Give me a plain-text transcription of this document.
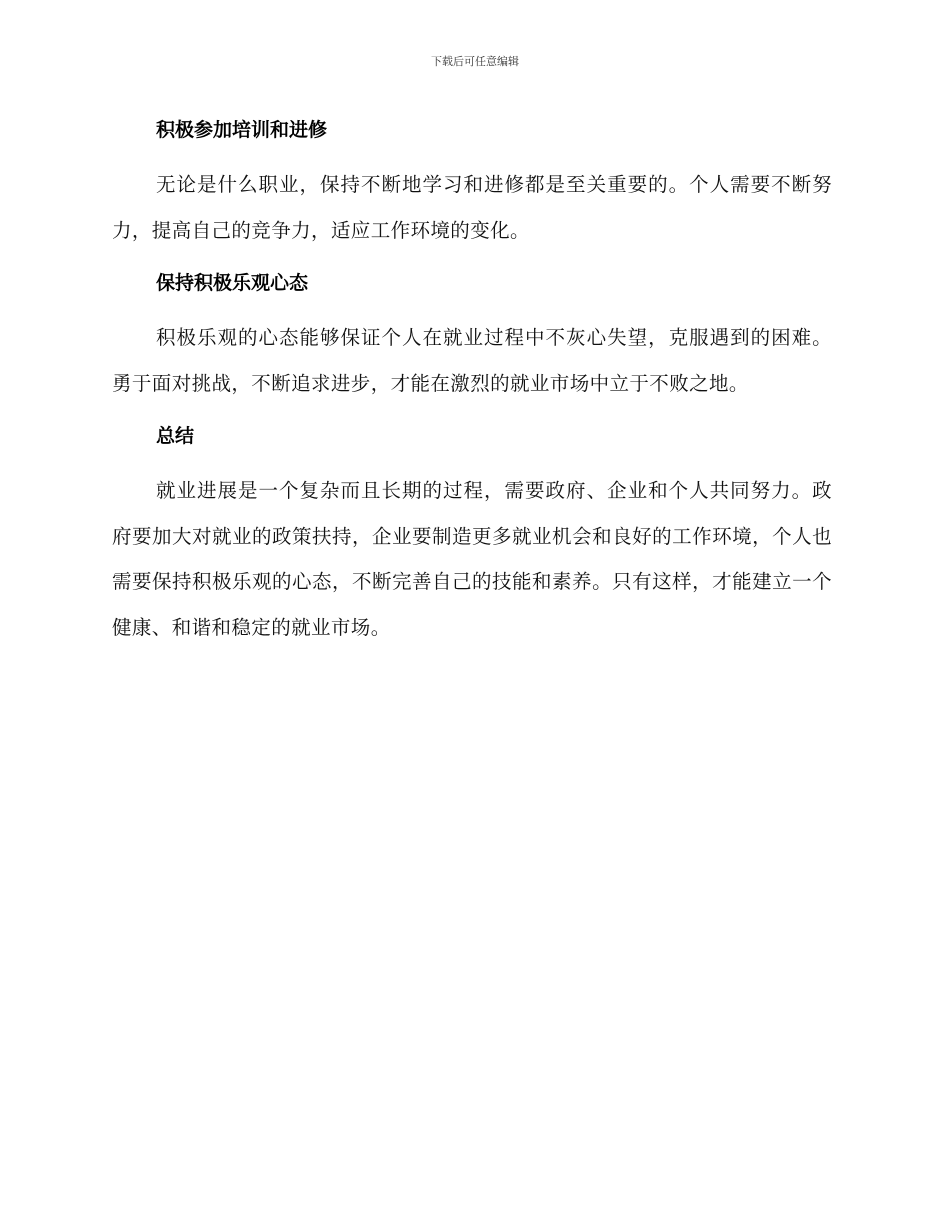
下载后可任意编辑
积极参加培训和进修

无论是什么职业，保持不断地学习和进修都是至关重要的。个人需要不断努力，提高自己的竞争力，适应工作环境的变化。

保持积极乐观心态

积极乐观的心态能够保证个人在就业过程中不灰心失望，克服遇到的困难。勇于面对挑战，不断追求进步，才能在激烈的就业市场中立于不败之地。

总结

就业进展是一个复杂而且长期的过程，需要政府、企业和个人共同努力。政府要加大对就业的政策扶持，企业要制造更多就业机会和良好的工作环境，个人也需要保持积极乐观的心态，不断完善自己的技能和素养。只有这样，才能建立一个健康、和谐和稳定的就业市场。
